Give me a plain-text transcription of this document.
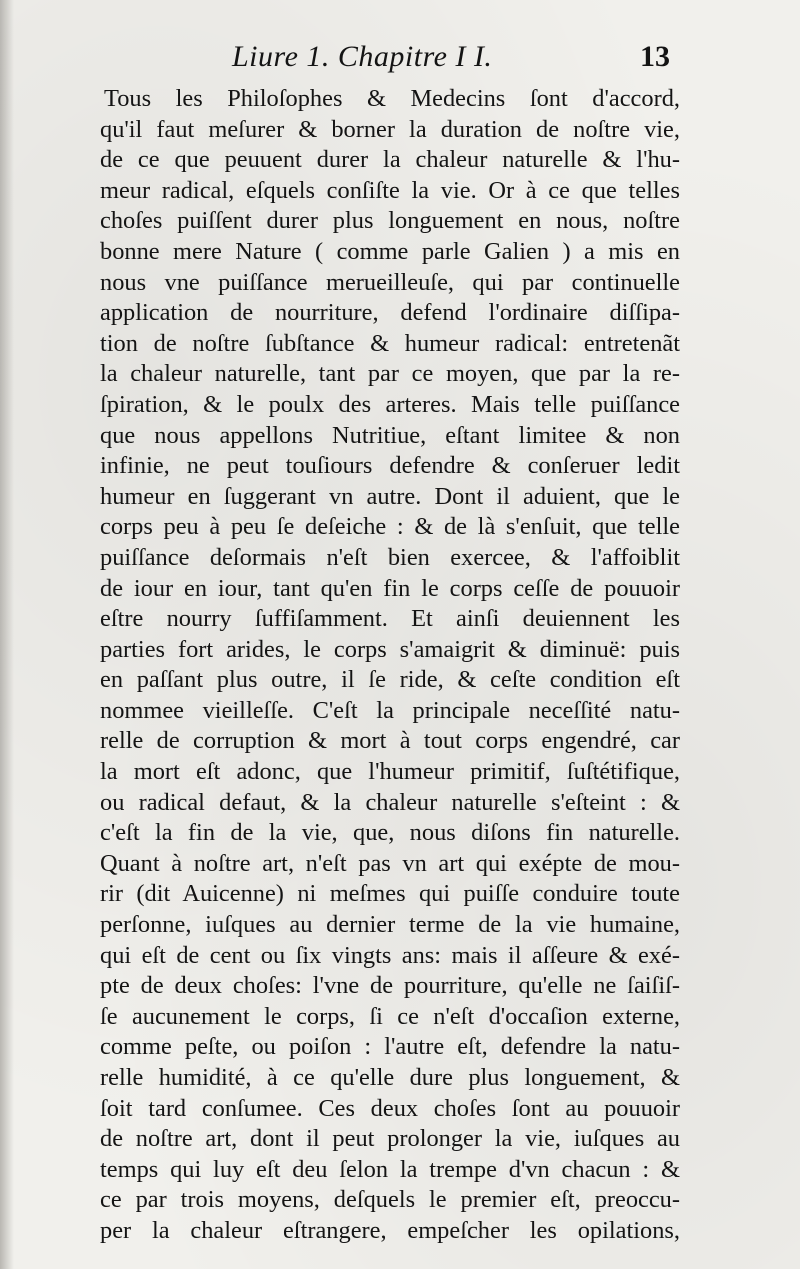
Liure 1. Chapitre I I.	13
Tous les Philoſophes & Medecins ſont d'accord,
qu'il faut meſurer & borner la duration de noſtre vie,
de ce que peuuent durer la chaleur naturelle & l'hu-
meur radical, eſquels conſiſte la vie. Or à ce que telles
choſes puiſſent durer plus longuement en nous, noſtre
bonne mere Nature ( comme parle Galien ) a mis en
nous vne puiſſance merueilleuſe, qui par continuelle
application de nourriture, defend l'ordinaire diſſipa-
tion de noſtre ſubſtance & humeur radical: entretenãt
la chaleur naturelle, tant par ce moyen, que par la re-
ſpiration, & le poulx des arteres. Mais telle puiſſance
que nous appellons Nutritiue, eſtant limitee & non
infinie, ne peut touſiours defendre & conſeruer ledit
humeur en ſuggerant vn autre. Dont il aduient, que le
corps peu à peu ſe deſeiche : & de là s'enſuit, que telle
puiſſance deſormais n'eſt bien exercee, & l'affoiblit
de iour en iour, tant qu'en fin le corps ceſſe de pouuoir
eſtre nourry ſuffiſamment. Et ainſi deuiennent les
parties fort arides, le corps s'amaigrit & diminuë: puis
en paſſant plus outre, il ſe ride, & ceſte condition eſt
nommee vieilleſſe. C'eſt la principale neceſſité natu-
relle de corruption & mort à tout corps engendré, car
la mort eſt adonc, que l'humeur primitif, ſuſtétifique,
ou radical defaut, & la chaleur naturelle s'eſteint : &
c'eſt la fin de la vie, que, nous diſons fin naturelle.
Quant à noſtre art, n'eſt pas vn art qui exépte de mou-
rir (dit Auicenne) ni meſmes qui puiſſe conduire toute
perſonne, iuſques au dernier terme de la vie humaine,
qui eſt de cent ou ſix vingts ans: mais il aſſeure & exé-
pte de deux choſes: l'vne de pourriture, qu'elle ne ſaiſiſ-
ſe aucunement le corps, ſi ce n'eſt d'occaſion externe,
comme peſte, ou poiſon : l'autre eſt, defendre la natu-
relle humidité, à ce qu'elle dure plus longuement, &
ſoit tard conſumee. Ces deux choſes ſont au pouuoir
de noſtre art, dont il peut prolonger la vie, iuſques au
temps qui luy eſt deu ſelon la trempe d'vn chacun : &
ce par trois moyens, deſquels le premier eſt, preoccu-
per la chaleur eſtrangere, empeſcher les opilations,
